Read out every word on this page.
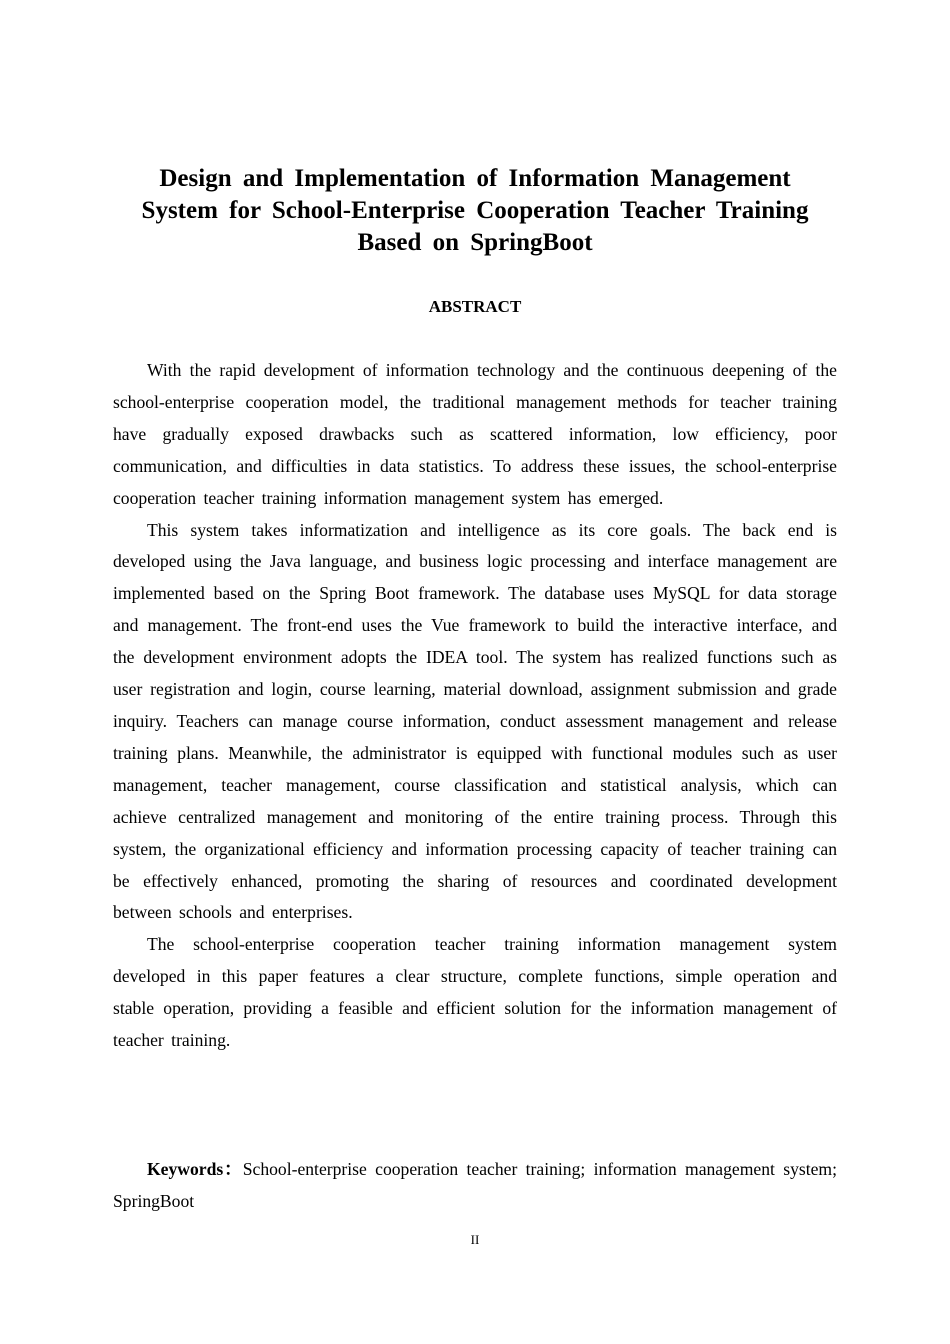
Design and Implementation of Information Management System for School-Enterprise Cooperation Teacher Training Based on SpringBoot
ABSTRACT

With the rapid development of information technology and the continuous deepening of the school-enterprise cooperation model, the traditional management methods for teacher training have gradually exposed drawbacks such as scattered information, low efficiency, poor communication, and difficulties in data statistics. To address these issues, the school-enterprise cooperation teacher training information management system has emerged.

This system takes informatization and intelligence as its core goals. The back end is developed using the Java language, and business logic processing and interface management are implemented based on the Spring Boot framework. The database uses MySQL for data storage and management. The front-end uses the Vue framework to build the interactive interface, and the development environment adopts the IDEA tool. The system has realized functions such as user registration and login, course learning, material download, assignment submission and grade inquiry. Teachers can manage course information, conduct assessment management and release training plans. Meanwhile, the administrator is equipped with functional modules such as user management, teacher management, course classification and statistical analysis, which can achieve centralized management and monitoring of the entire training process. Through this system, the organizational efficiency and information processing capacity of teacher training can be effectively enhanced, promoting the sharing of resources and coordinated development between schools and enterprises.

The school-enterprise cooperation teacher training information management system developed in this paper features a clear structure, complete functions, simple operation and stable operation, providing a feasible and efficient solution for the information management of teacher training.

Keywords：School-enterprise cooperation teacher training; information management system; SpringBoot

II
